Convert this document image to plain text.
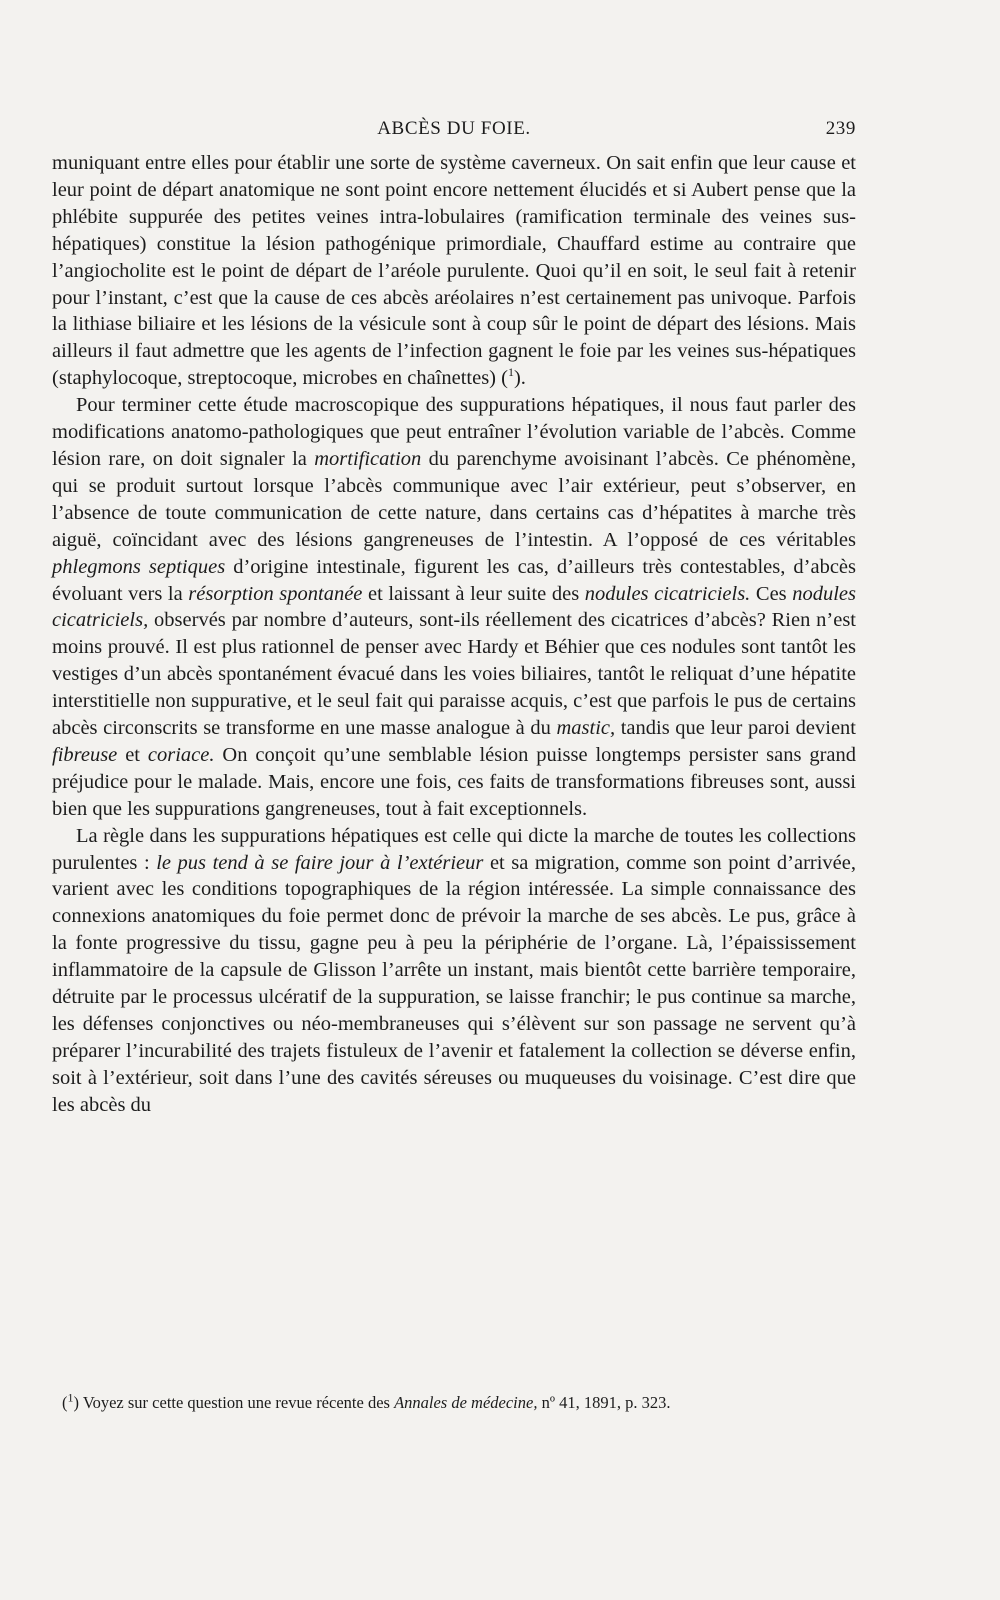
ABCÈS DU FOIE.	239

muniquant entre elles pour établir une sorte de système caverneux. On sait enfin que leur cause et leur point de départ anatomique ne sont point encore nettement élucidés et si Aubert pense que la phlébite suppurée des petites veines intra-lobulaires (ramification terminale des veines sus-hépatiques) constitue la lésion pathogénique primordiale, Chauffard estime au contraire que l’angiocholite est le point de départ de l’aréole purulente. Quoi qu’il en soit, le seul fait à retenir pour l’instant, c’est que la cause de ces abcès aréolaires n’est certainement pas univoque. Parfois la lithiase biliaire et les lésions de la vésicule sont à coup sûr le point de départ des lésions. Mais ailleurs il faut admettre que les agents de l’infection gagnent le foie par les veines sus-hépatiques (staphylocoque, streptocoque, microbes en chaînettes) ($^1$).

Pour terminer cette étude macroscopique des suppurations hépatiques, il nous faut parler des modifications anatomo-pathologiques que peut entraîner l’évolution variable de l’abcès. Comme lésion rare, on doit signaler la mortification du parenchyme avoisinant l’abcès. Ce phénomène, qui se produit surtout lorsque l’abcès communique avec l’air extérieur, peut s’observer, en l’absence de toute communication de cette nature, dans certains cas d’hépatites à marche très aiguë, coïncidant avec des lésions gangreneuses de l’intestin. A l’opposé de ces véritables phlegmons septiques d’origine intestinale, figurent les cas, d’ailleurs très contestables, d’abcès évoluant vers la résorption spontanée et laissant à leur suite des nodules cicatriciels. Ces nodules cicatriciels, observés par nombre d’auteurs, sont-ils réellement des cicatrices d’abcès? Rien n’est moins prouvé. Il est plus rationnel de penser avec Hardy et Béhier que ces nodules sont tantôt les vestiges d’un abcès spontanément évacué dans les voies biliaires, tantôt le reliquat d’une hépatite interstitielle non suppurative, et le seul fait qui paraisse acquis, c’est que parfois le pus de certains abcès circonscrits se transforme en une masse analogue à du mastic, tandis que leur paroi devient fibreuse et coriace. On conçoit qu’une semblable lésion puisse longtemps persister sans grand préjudice pour le malade. Mais, encore une fois, ces faits de transformations fibreuses sont, aussi bien que les suppurations gangreneuses, tout à fait exceptionnels.

La règle dans les suppurations hépatiques est celle qui dicte la marche de toutes les collections purulentes : le pus tend à se faire jour à l’extérieur et sa migration, comme son point d’arrivée, varient avec les conditions topographiques de la région intéressée. La simple connaissance des connexions anatomiques du foie permet donc de prévoir la marche de ses abcès. Le pus, grâce à la fonte progressive du tissu, gagne peu à peu la périphérie de l’organe. Là, l’épaississement inflammatoire de la capsule de Glisson l’arrête un instant, mais bientôt cette barrière temporaire, détruite par le processus ulcératif de la suppuration, se laisse franchir; le pus continue sa marche, les défenses conjonctives ou néo-membraneuses qui s’élèvent sur son passage ne servent qu’à préparer l’incurabilité des trajets fistuleux de l’avenir et fatalement la collection se déverse enfin, soit à l’extérieur, soit dans l’une des cavités séreuses ou muqueuses du voisinage. C’est dire que les abcès du

($^1$) Voyez sur cette question une revue récente des Annales de médecine, nº 41, 1891, p. 323.
